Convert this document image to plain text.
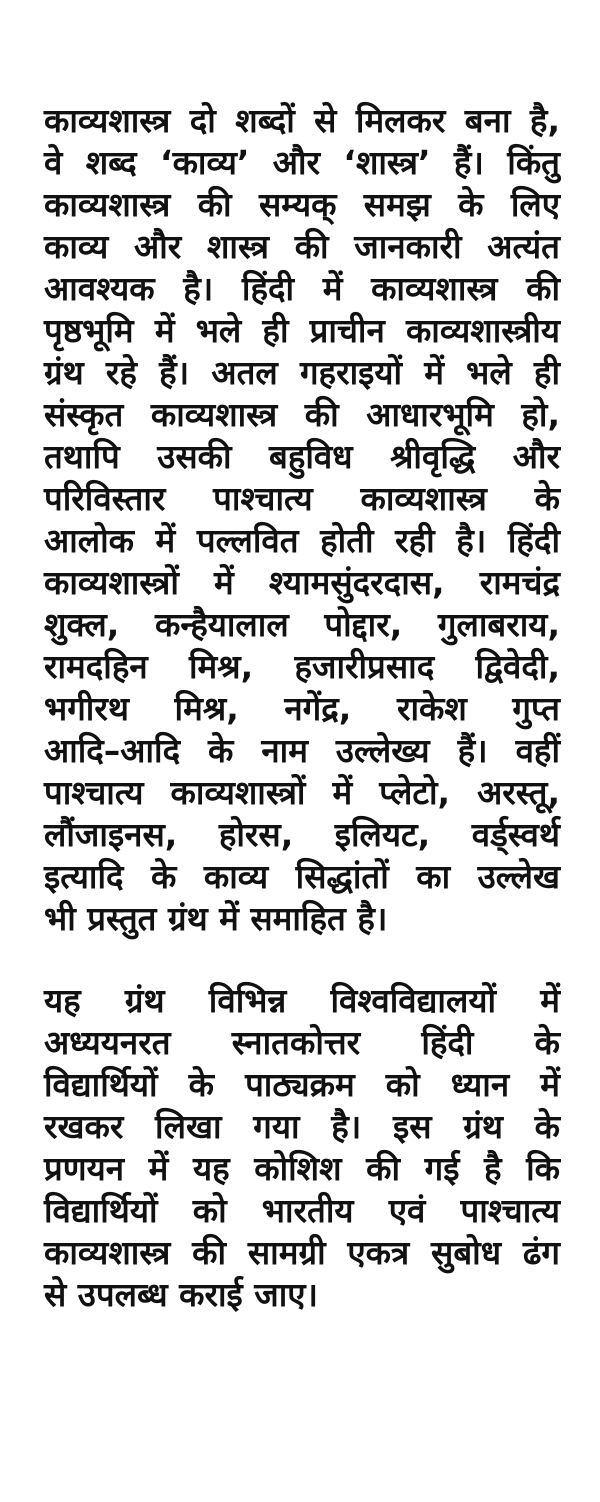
काव्यशास्त्र दो शब्दों से मिलकर बना है,
वे शब्द ‘काव्य’ और ‘शास्त्र’ हैं। किंतु
काव्यशास्त्र की सम्यक् समझ के लिए
काव्य और शास्त्र की जानकारी अत्यंत
आवश्यक है। हिंदी में काव्यशास्त्र की
पृष्ठभूमि में भले ही प्राचीन काव्यशास्त्रीय
ग्रंथ रहे हैं। अतल गहराइयों में भले ही
संस्कृत काव्यशास्त्र की आधारभूमि हो,
तथापि उसकी बहुविध श्रीवृद्धि और
परिविस्तार पाश्चात्य काव्यशास्त्र के
आलोक में पल्लवित होती रही है। हिंदी
काव्यशास्त्रों में श्यामसुंदरदास, रामचंद्र
शुक्ल, कन्हैयालाल पोद्दार, गुलाबराय,
रामदहिन मिश्र, हजारीप्रसाद द्विवेदी,
भगीरथ मिश्र, नगेंद्र, राकेश गुप्त
आदि–आदि के नाम उल्लेख्य हैं। वहीं
पाश्चात्य काव्यशास्त्रों में प्लेटो, अरस्तू,
लौंजाइनस, होरस, इलियट, वर्ड्स्वर्थ
इत्यादि के काव्य सिद्धांतों का उल्लेख
भी प्रस्तुत ग्रंथ में समाहित है।

यह ग्रंथ विभिन्न विश्वविद्यालयों में
अध्ययनरत स्नातकोत्तर हिंदी के
विद्यार्थियों के पाठ्यक्रम को ध्यान में
रखकर लिखा गया है। इस ग्रंथ के
प्रणयन में यह कोशिश की गई है कि
विद्यार्थियों को भारतीय एवं पाश्चात्य
काव्यशास्त्र की सामग्री एकत्र सुबोध ढंग
से उपलब्ध कराई जाए।
